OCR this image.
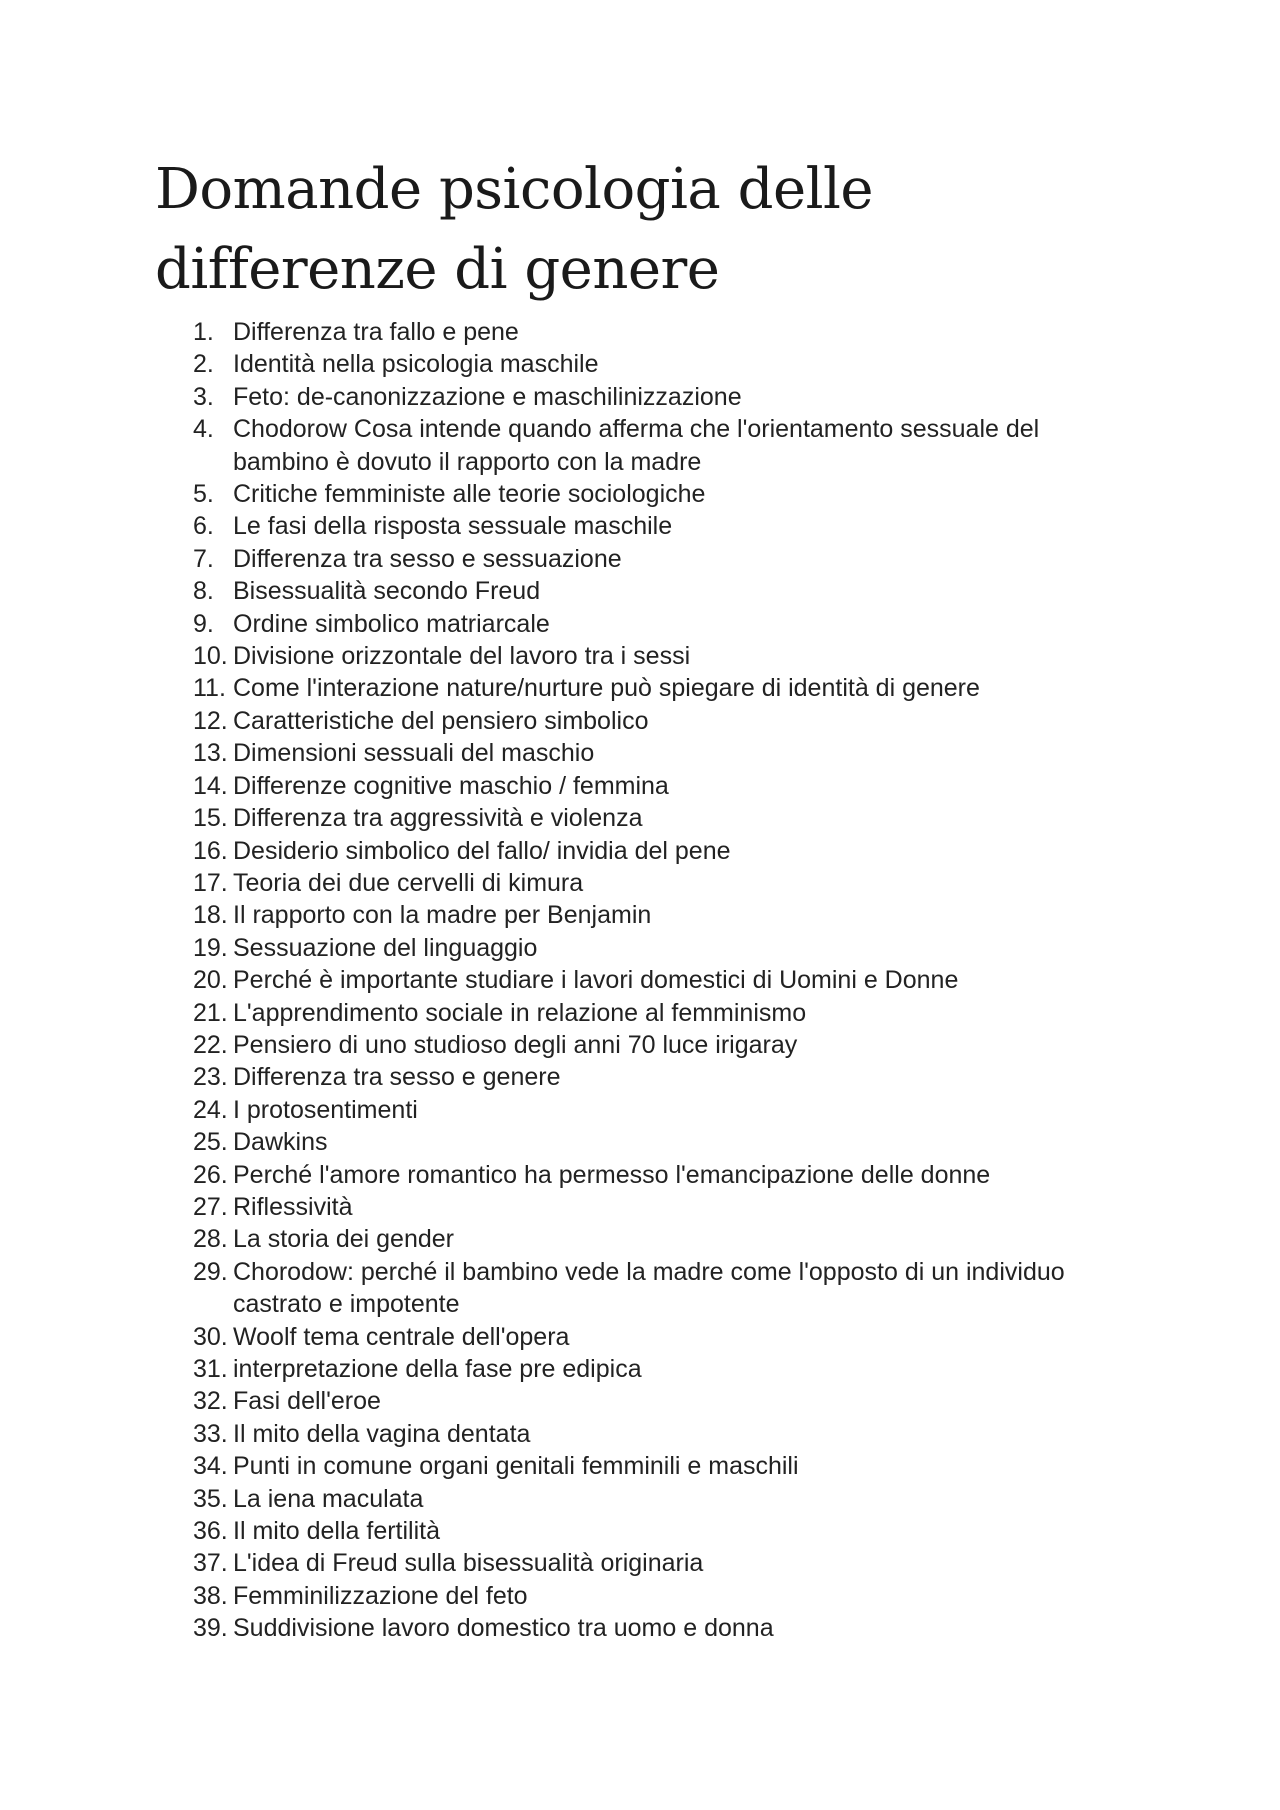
Domande psicologia delle differenze di genere
1. Differenza tra fallo e pene
2. Identità nella psicologia maschile
3. Feto: de-canonizzazione e maschilinizzazione
4. Chodorow Cosa intende quando afferma che l'orientamento sessuale del bambino è dovuto il rapporto con la madre
5. Critiche femministe alle teorie sociologiche
6. Le fasi della risposta sessuale maschile
7. Differenza tra sesso e sessuazione
8. Bisessualità secondo Freud
9. Ordine simbolico matriarcale
10. Divisione orizzontale del lavoro tra i sessi
11. Come l'interazione nature/nurture può spiegare di identità di genere
12. Caratteristiche del pensiero simbolico
13. Dimensioni sessuali del maschio
14. Differenze cognitive maschio / femmina
15. Differenza tra aggressività e violenza
16. Desiderio simbolico del fallo/ invidia del pene
17. Teoria dei due cervelli di kimura
18. Il rapporto con la madre per Benjamin
19. Sessuazione del linguaggio
20. Perché è importante studiare i lavori domestici di Uomini e Donne
21. L'apprendimento sociale in relazione al femminismo
22. Pensiero di uno studioso degli anni 70 luce irigaray
23. Differenza tra sesso e genere
24. I protosentimenti
25. Dawkins
26. Perché l'amore romantico ha permesso l'emancipazione delle donne
27. Riflessività
28. La storia dei gender
29. Chorodow: perché il bambino vede la madre come l'opposto di un individuo castrato e impotente
30. Woolf tema centrale dell'opera
31. interpretazione della fase pre edipica
32. Fasi dell'eroe
33. Il mito della vagina dentata
34. Punti in comune organi genitali femminili e maschili
35. La iena maculata
36. Il mito della fertilità
37. L'idea di Freud sulla bisessualità originaria
38. Femminilizzazione del feto
39. Suddivisione lavoro domestico tra uomo e donna
